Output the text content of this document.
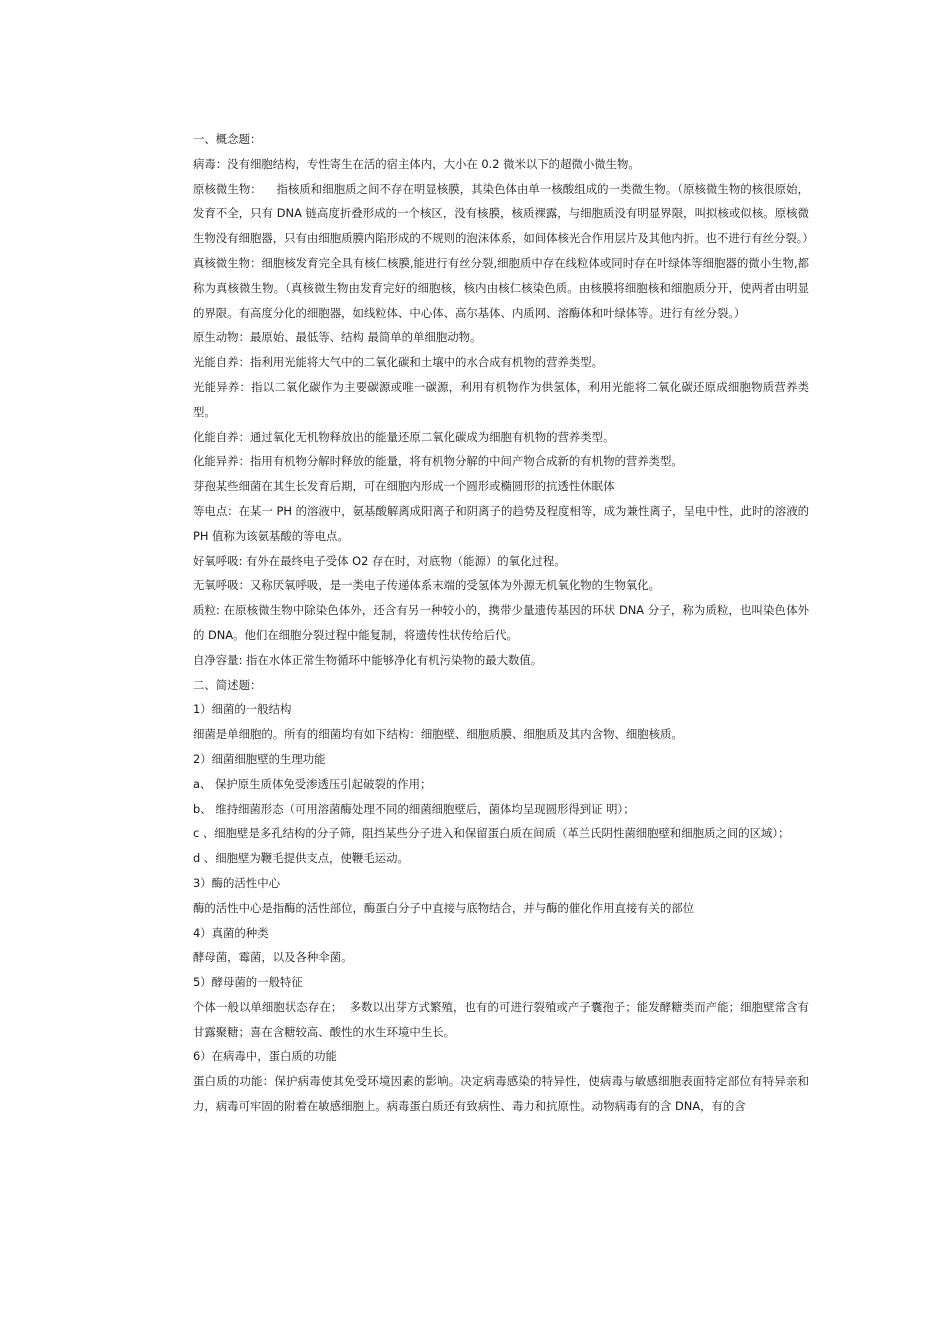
一、概念题：

病毒：没有细胞结构，专性寄生在活的宿主体内，大小在 0.2 微米以下的超微小微生物。

原核微生物：    指核质和细胞质之间不存在明显核膜，其染色体由单一核酸组成的一类微生物。（原核微生物的核很原始，发育不全，只有 DNA 链高度折叠形成的一个核区，没有核膜，核质裸露，与细胞质没有明显界限，叫拟核或似核。原核微生物没有细胞器，只有由细胞质膜内陷形成的不规则的泡沫体系，如间体核光合作用层片及其他内折。也不进行有丝分裂。）

真核微生物：细胞核发育完全具有核仁核膜,能进行有丝分裂,细胞质中存在线粒体或同时存在叶绿体等细胞器的微小生物,都称为真核微生物。（真核微生物由发育完好的细胞核，核内由核仁核染色质。由核膜将细胞核和细胞质分开，使两者由明显的界限。有高度分化的细胞器，如线粒体、中心体、高尔基体、内质网、溶酶体和叶绿体等。进行有丝分裂。）

原生动物：最原始、最低等、结构 最简单的单细胞动物。

光能自养：指利用光能将大气中的二氧化碳和土壤中的水合成有机物的营养类型。

光能异养：指以二氧化碳作为主要碳源或唯一碳源，利用有机物作为供氢体，利用光能将二氧化碳还原成细胞物质营养类型。

化能自养：通过氧化无机物释放出的能量还原二氧化碳成为细胞有机物的营养类型。

化能异养：指用有机物分解时释放的能量，将有机物分解的中间产物合成新的有机物的营养类型。

芽孢某些细菌在其生长发育后期，可在细胞内形成一个圆形或椭圆形的抗透性休眠体

等电点：在某一 PH 的溶液中，氨基酸解离成阳离子和阴离子的趋势及程度相等，成为兼性离子，呈电中性，此时的溶液的 PH 值称为该氨基酸的等电点。

好氧呼吸: 有外在最终电子受体 O2 存在时，对底物（能源）的氧化过程。

无氧呼吸：又称厌氧呼吸，是一类电子传递体系末端的受氢体为外源无机氧化物的生物氧化。

质粒: 在原核微生物中除染色体外，还含有另一种较小的，携带少量遗传基因的环状 DNA 分子，称为质粒，也叫染色体外的 DNA。他们在细胞分裂过程中能复制，将遗传性状传给后代。

自净容量: 指在水体正常生物循环中能够净化有机污染物的最大数值。

二、简述题：

1）细菌的一般结构

细菌是单细胞的。所有的细菌均有如下结构：细胞壁、细胞质膜、细胞质及其内含物、细胞核质。

2）细菌细胞壁的生理功能

a、 保护原生质体免受渗透压引起破裂的作用；

b、 维持细菌形态（可用溶菌酶处理不同的细菌细胞壁后，菌体均呈现圆形得到证 明）；

c 、细胞壁是多孔结构的分子筛，阻挡某些分子进入和保留蛋白质在间质（革兰氏阴性菌细胞壁和细胞质之间的区域）；

d 、细胞壁为鞭毛提供支点，使鞭毛运动。

3）酶的活性中心

酶的活性中心是指酶的活性部位，酶蛋白分子中直接与底物结合，并与酶的催化作用直接有关的部位

4）真菌的种类

酵母菌，霉菌，以及各种伞菌。

5）酵母菌的一般特征

个体一般以单细胞状态存在；  多数以出芽方式繁殖，也有的可进行裂殖或产子囊孢子；能发酵糖类而产能；细胞壁常含有甘露聚糖；喜在含糖较高、酸性的水生环境中生长。

6）在病毒中，蛋白质的功能

蛋白质的功能：保护病毒使其免受环境因素的影响。决定病毒感染的特异性，使病毒与敏感细胞表面特定部位有特异亲和力，病毒可牢固的附着在敏感细胞上。病毒蛋白质还有致病性、毒力和抗原性。动物病毒有的含 DNA，有的含
